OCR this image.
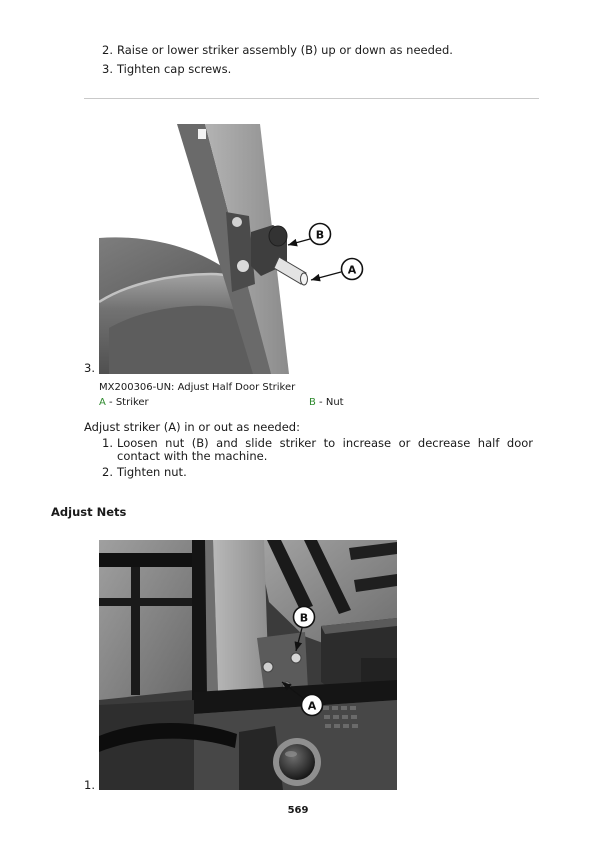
2. Raise or lower striker assembly (B) up or down as needed.
3. Tighten cap screws.
B
A
3.
MX200306-UN: Adjust Half Door Striker
A - Striker	B - Nut
Adjust striker (A) in or out as needed:
1. Loosen nut (B) and slide striker to increase or decrease half door contact with the machine.
2. Tighten nut.
Adjust Nets
B
A
1.
569
